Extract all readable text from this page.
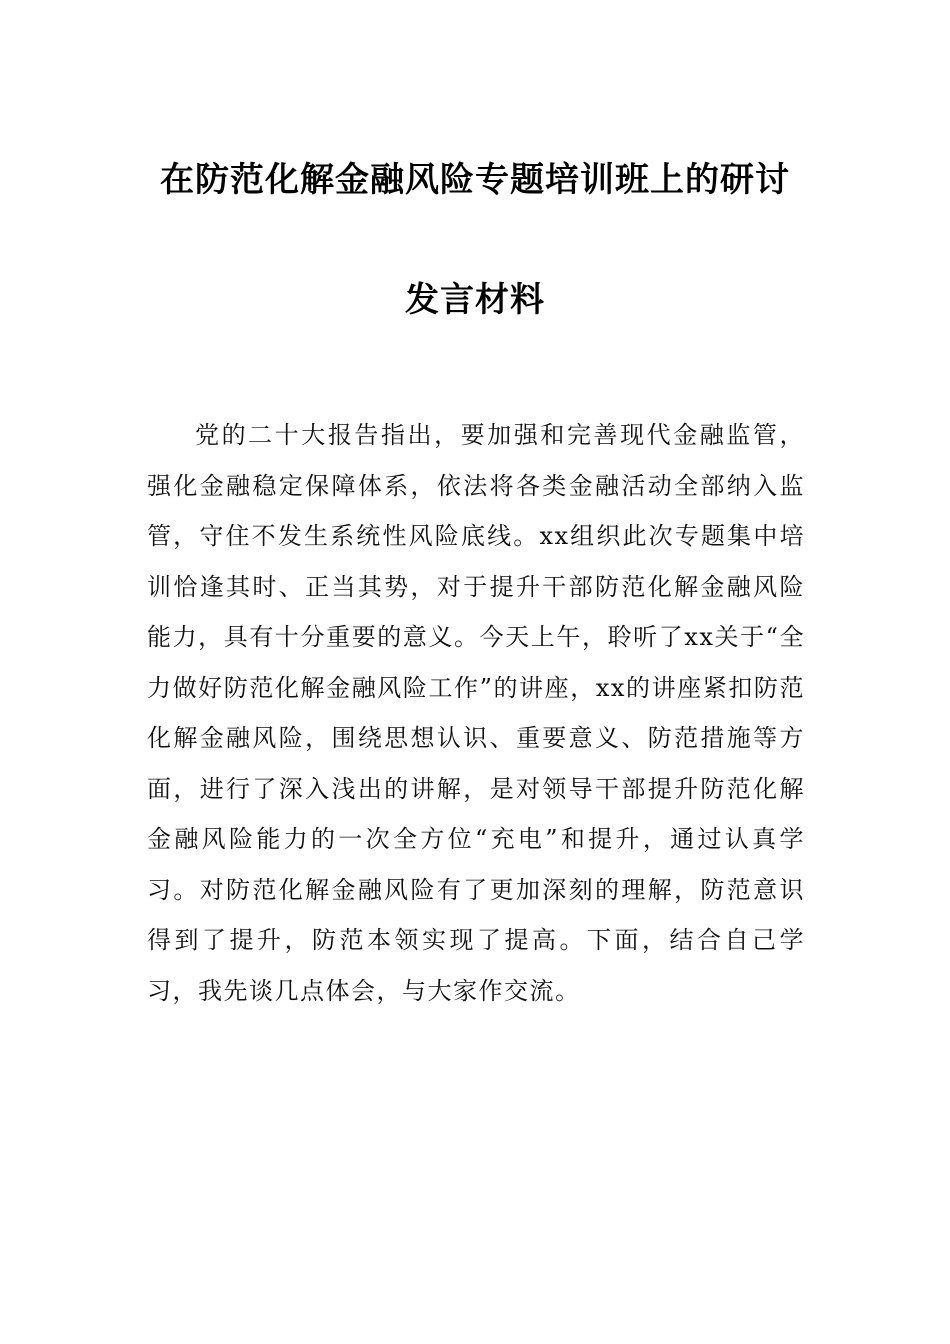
在防范化解金融风险专题培训班上的研讨
发言材料

党的二十大报告指出，要加强和完善现代金融监管，强化金融稳定保障体系，依法将各类金融活动全部纳入监管，守住不发生系统性风险底线。xx组织此次专题集中培训恰逢其时、正当其势，对于提升干部防范化解金融风险能力，具有十分重要的意义。今天上午，聆听了xx关于“全力做好防范化解金融风险工作”的讲座，xx的讲座紧扣防范化解金融风险，围绕思想认识、重要意义、防范措施等方面，进行了深入浅出的讲解，是对领导干部提升防范化解金融风险能力的一次全方位“充电”和提升，通过认真学习。对防范化解金融风险有了更加深刻的理解，防范意识得到了提升，防范本领实现了提高。下面，结合自己学习，我先谈几点体会，与大家作交流。
